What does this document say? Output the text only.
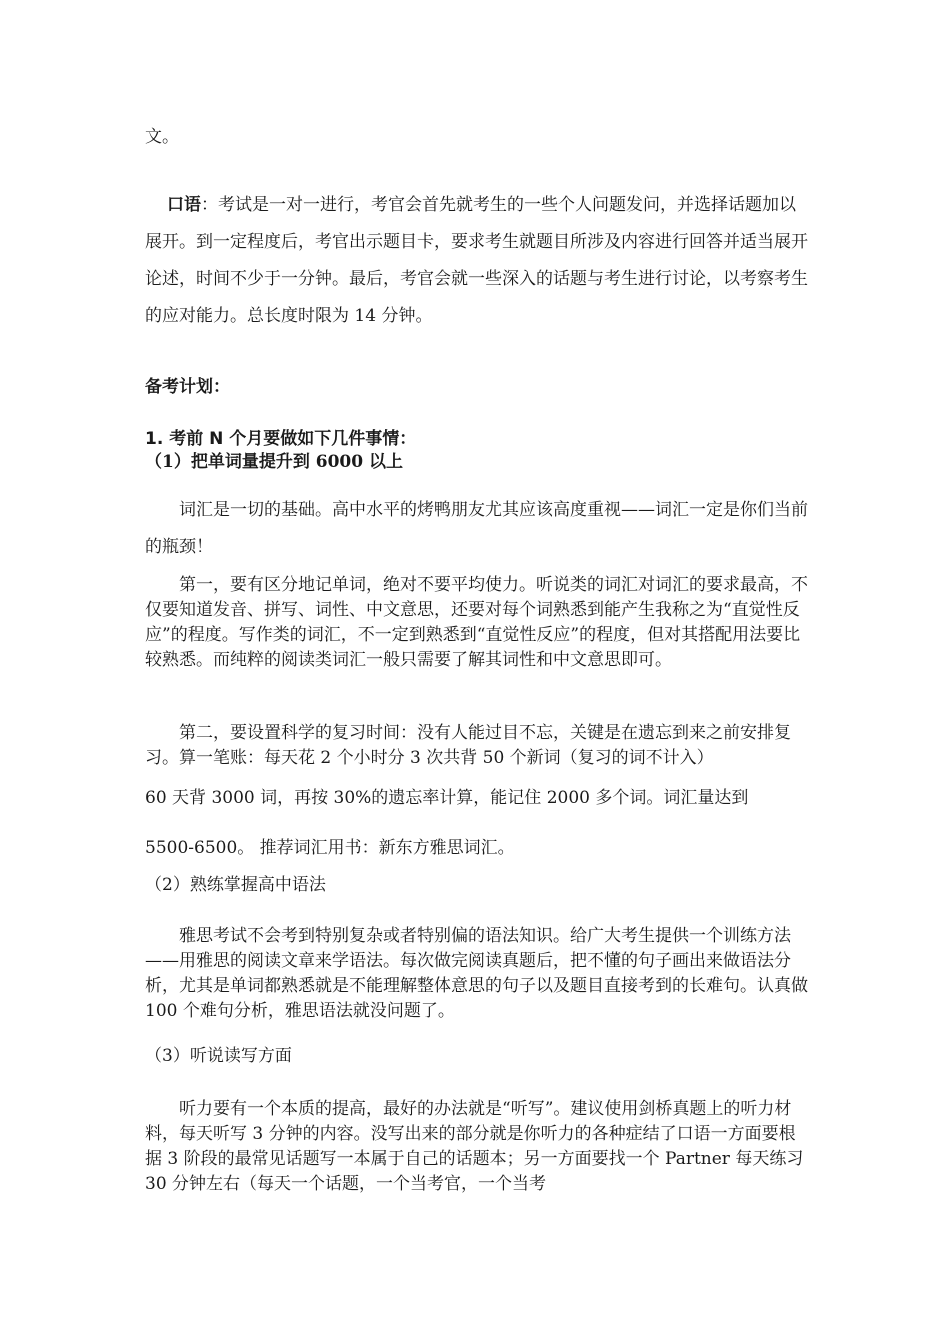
文。

口语：考试是一对一进行，考官会首先就考生的一些个人问题发问，并选择话题加以展开。到一定程度后，考官出示题目卡，要求考生就题目所涉及内容进行回答并适当展开论述，时间不少于一分钟。最后，考官会就一些深入的话题与考生进行讨论，以考察考生的应对能力。总长度时限为 14 分钟。

备考计划：

1. 考前 N 个月要做如下几件事情：

（1）把单词量提升到 6000 以上

词汇是一切的基础。高中水平的烤鸭朋友尤其应该高度重视——词汇一定是你们当前的瓶颈！

第一，要有区分地记单词，绝对不要平均使力。听说类的词汇对词汇的要求最高，不仅要知道发音、拼写、词性、中文意思，还要对每个词熟悉到能产生我称之为“直觉性反应”的程度。写作类的词汇，不一定到熟悉到“直觉性反应”的程度，但对其搭配用法要比较熟悉。而纯粹的阅读类词汇一般只需要了解其词性和中文意思即可。

第二，要设置科学的复习时间：没有人能过目不忘，关键是在遗忘到来之前安排复习。算一笔账：每天花 2 个小时分 3 次共背 50 个新词（复习的词不计入）

60 天背 3000 词，再按 30%的遗忘率计算，能记住 2000 多个词。词汇量达到

5500-6500。 推荐词汇用书：新东方雅思词汇。

（2）熟练掌握高中语法

雅思考试不会考到特别复杂或者特别偏的语法知识。给广大考生提供一个训练方法——用雅思的阅读文章来学语法。每次做完阅读真题后，把不懂的句子画出来做语法分析，尤其是单词都熟悉就是不能理解整体意思的句子以及题目直接考到的长难句。认真做 100 个难句分析，雅思语法就没问题了。

（3）听说读写方面

听力要有一个本质的提高，最好的办法就是“听写”。建议使用剑桥真题上的听力材料，每天听写 3 分钟的内容。没写出来的部分就是你听力的各种症结了口语一方面要根据 3 阶段的最常见话题写一本属于自己的话题本；另一方面要找一个 Partner 每天练习 30 分钟左右（每天一个话题，一个当考官，一个当考
